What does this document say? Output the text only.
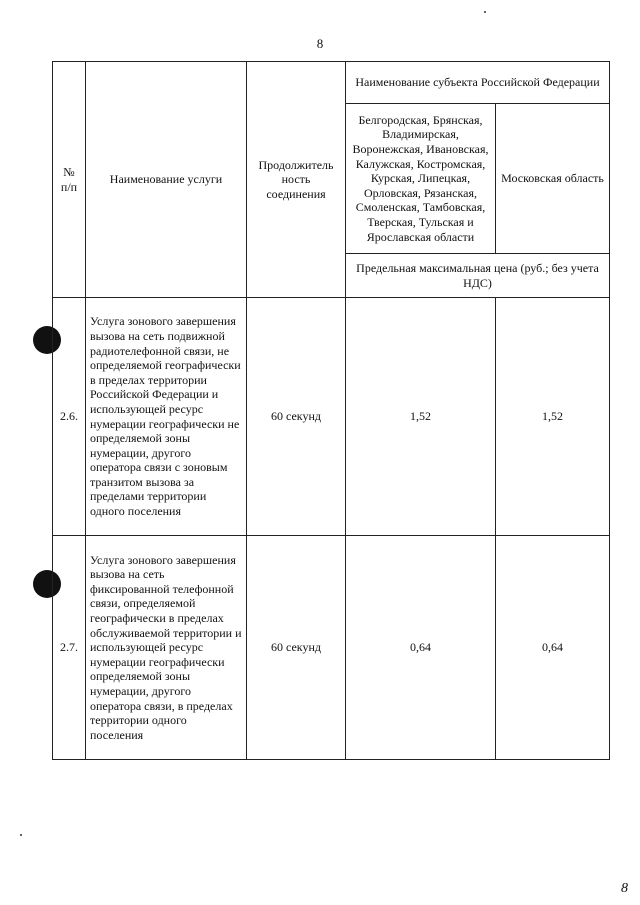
8
№ п/п	Наименование услуги	Продолжитель ность соединения	Наименование субъекта Российской Федерации	
			Белгородская, Брянская, Владимирская, Воронежская, Ивановская, Калужская, Костромская, Курская, Липецкая, Орловская, Рязанская, Смоленская, Тамбовская, Тверская, Тульская и Ярославская области	Московская область
			Предельная максимальная цена (руб.; без учета НДС)	
2.6.	Услуга зонового завершения вызова на сеть подвижной радиотелефонной связи, не определяемой географически в пределах территории Российской Федерации и использующей ресурс нумерации географически не определяемой зоны нумерации, другого оператора связи с зоновым транзитом вызова за пределами территории одного поселения	60 секунд	1,52	1,52
2.7.	Услуга зонового завершения вызова на сеть фиксированной телефонной связи, определяемой географически в пределах обслуживаемой территории и использующей ресурс нумерации географически определяемой зоны нумерации, другого оператора связи, в пределах территории одного поселения	60 секунд	0,64	0,64
8
